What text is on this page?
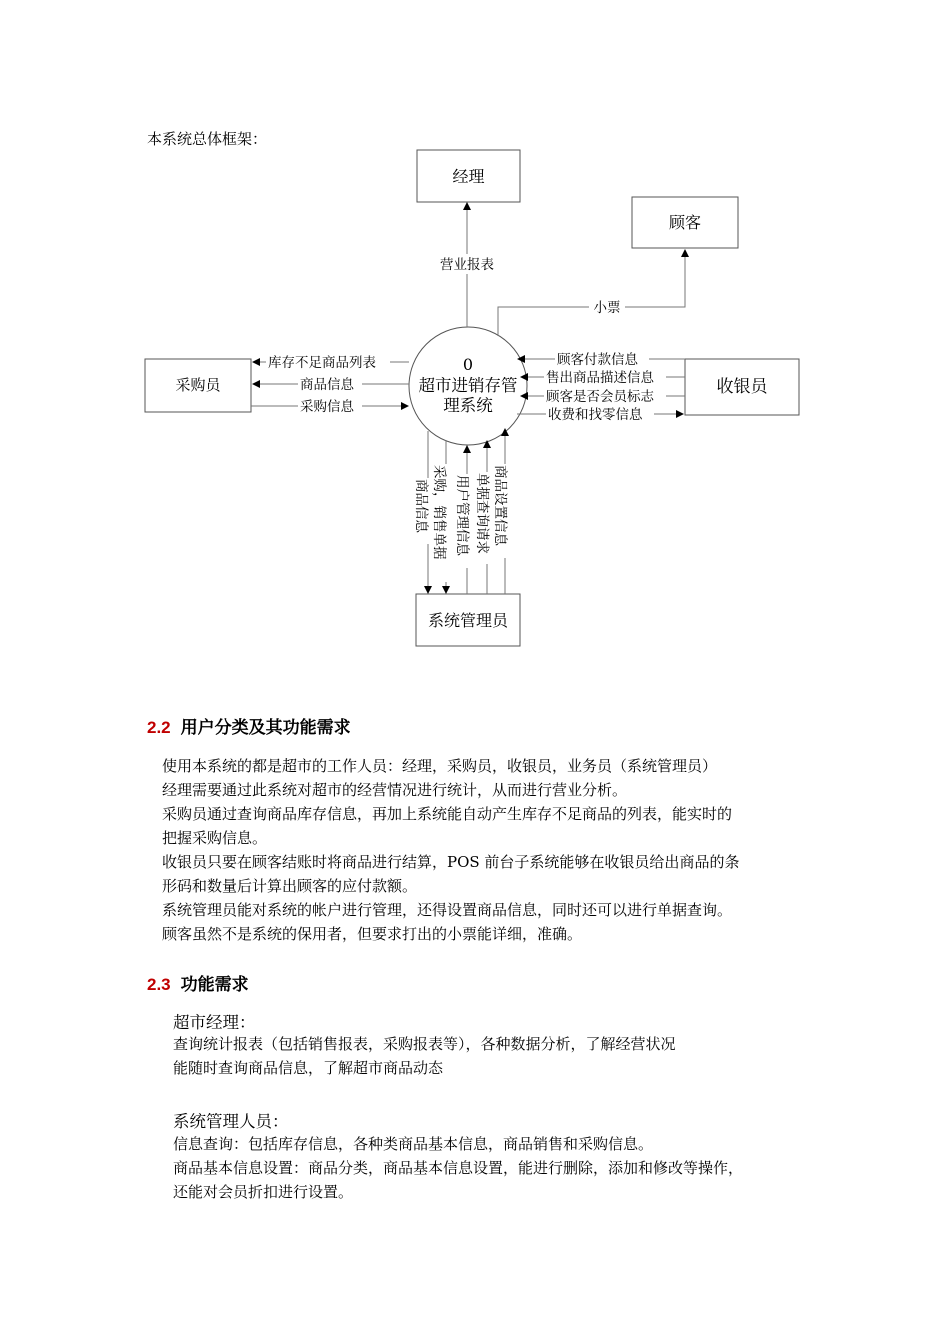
本系统总体框架：
经理
顾客
采购员	收银员
系统管理员
0
超市进销存管
理系统
营业报表
小票
库存不足商品列表
商品信息
采购信息
顾客付款信息
售出商品描述信息
顾客是否会员标志
收费和找零信息
商品信息 采购，销售单据 用户管理信息 单据查询请求 商品设置信息
2.2 用户分类及其功能需求
使用本系统的都是超市的工作人员：经理，采购员，收银员，业务员（系统管理员）
经理需要通过此系统对超市的经营情况进行统计，从而进行营业分析。
采购员通过查询商品库存信息，再加上系统能自动产生库存不足商品的列表，能实时的
把握采购信息。
收银员只要在顾客结账时将商品进行结算，POS 前台子系统能够在收银员给出商品的条
形码和数量后计算出顾客的应付款额。
系统管理员能对系统的帐户进行管理，还得设置商品信息，同时还可以进行单据查询。
顾客虽然不是系统的保用者，但要求打出的小票能详细，准确。
2.3 功能需求
超市经理：
查询统计报表（包括销售报表，采购报表等），各种数据分析，了解经营状况
能随时查询商品信息，了解超市商品动态
系统管理人员：
信息查询：包括库存信息，各种类商品基本信息，商品销售和采购信息。
商品基本信息设置：商品分类，商品基本信息设置，能进行删除，添加和修改等操作，
还能对会员折扣进行设置。
